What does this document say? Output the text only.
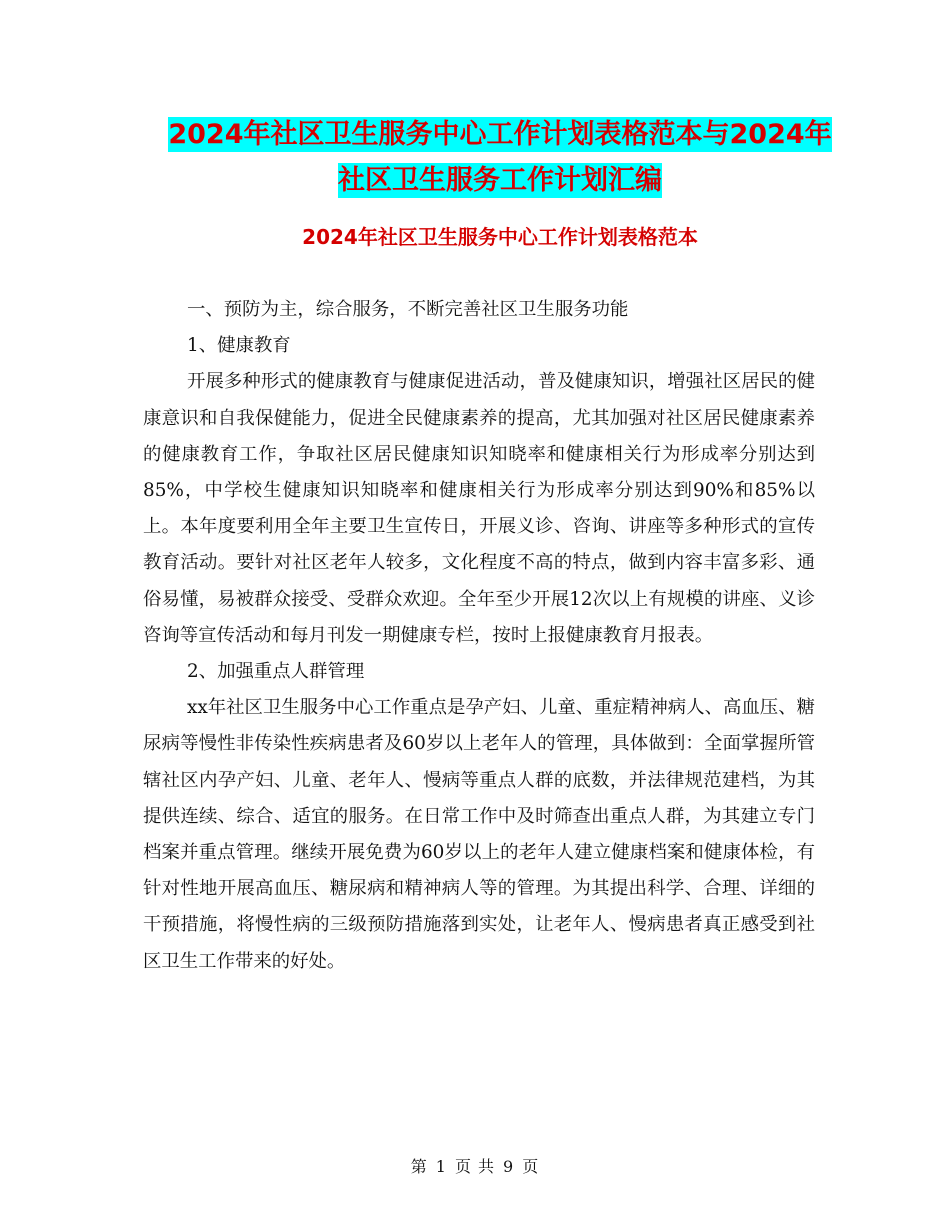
2024年社区卫生服务中心工作计划表格范本与2024年
社区卫生服务工作计划汇编
2024年社区卫生服务中心工作计划表格范本

一、预防为主，综合服务，不断完善社区卫生服务功能

1、健康教育

开展多种形式的健康教育与健康促进活动，普及健康知识，增强社区居民的健康意识和自我保健能力，促进全民健康素养的提高，尤其加强对社区居民健康素养的健康教育工作，争取社区居民健康知识知晓率和健康相关行为形成率分别达到85%，中学校生健康知识知晓率和健康相关行为形成率分别达到90%和85%以上。本年度要利用全年主要卫生宣传日，开展义诊、咨询、讲座等多种形式的宣传教育活动。要针对社区老年人较多，文化程度不高的特点，做到内容丰富多彩、通俗易懂，易被群众接受、受群众欢迎。全年至少开展12次以上有规模的讲座、义诊咨询等宣传活动和每月刊发一期健康专栏，按时上报健康教育月报表。

2、加强重点人群管理

xx年社区卫生服务中心工作重点是孕产妇、儿童、重症精神病人、高血压、糖尿病等慢性非传染性疾病患者及60岁以上老年人的管理，具体做到：全面掌握所管辖社区内孕产妇、儿童、老年人、慢病等重点人群的底数，并法律规范建档，为其提供连续、综合、适宜的服务。在日常工作中及时筛查出重点人群，为其建立专门档案并重点管理。继续开展免费为60岁以上的老年人建立健康档案和健康体检，有针对性地开展高血压、糖尿病和精神病人等的管理。为其提出科学、合理、详细的干预措施，将慢性病的三级预防措施落到实处，让老年人、慢病患者真正感受到社区卫生工作带来的好处。

第 1 页 共 9 页
